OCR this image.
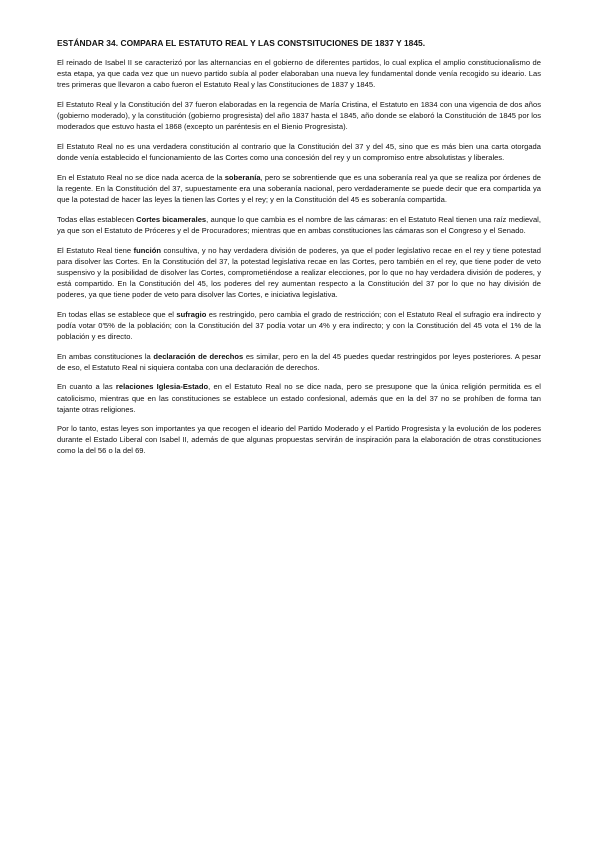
ESTÁNDAR 34. COMPARA EL ESTATUTO REAL Y LAS CONSTSITUCIONES DE 1837 Y 1845.

El reinado de Isabel II se caracterizó por las alternancias en el gobierno de diferentes partidos, lo cual explica el amplio constitucionalismo de esta etapa, ya que cada vez que un nuevo partido subía al poder elaboraban una nueva ley fundamental donde venía recogido su ideario. Las tres primeras que llevaron a cabo fueron el Estatuto Real y las Constituciones de 1837 y 1845.

El Estatuto Real y la Constitución del 37 fueron elaboradas en la regencia de María Cristina, el Estatuto en 1834 con una vigencia de dos años (gobierno moderado), y la constitución (gobierno progresista) del año 1837 hasta el 1845, año donde se elaboró la Constitución de 1845 por los moderados que estuvo hasta el 1868 (excepto un paréntesis en el Bienio Progresista).

El Estatuto Real no es una verdadera constitución al contrario que la Constitución del 37 y del 45, sino que es más bien una carta otorgada donde venía establecido el funcionamiento de las Cortes como una concesión del rey y un compromiso entre absolutistas y liberales.

En el Estatuto Real no se dice nada acerca de la soberanía, pero se sobrentiende que es una soberanía real ya que se realiza por órdenes de la regente. En la Constitución del 37, supuestamente era una soberanía nacional, pero verdaderamente se puede decir que era compartida ya que la potestad de hacer las leyes la tienen las Cortes y el rey; y en la Constitución del 45 es soberanía compartida.

Todas ellas establecen Cortes bicamerales, aunque lo que cambia es el nombre de las cámaras: en el Estatuto Real tienen una raíz medieval, ya que son el Estatuto de Próceres y el de Procuradores; mientras que en ambas constituciones las cámaras son el Congreso y el Senado.

El Estatuto Real tiene función consultiva, y no hay verdadera división de poderes, ya que el poder legislativo recae en el rey y tiene potestad para disolver las Cortes. En la Constitución del 37, la potestad legislativa recae en las Cortes, pero también en el rey, que tiene poder de veto suspensivo y la posibilidad de disolver las Cortes, comprometiéndose a realizar elecciones, por lo que no hay verdadera división de poderes, y está compartido. En la Constitución del 45, los poderes del rey aumentan respecto a la Constitución del 37 por lo que no hay división de poderes, ya que tiene poder de veto para disolver las Cortes, e iniciativa legislativa.

En todas ellas se establece que el sufragio es restringido, pero cambia el grado de restricción; con el Estatuto Real el sufragio era indirecto y podía votar 0'5% de la población; con la Constitución del 37 podía votar un 4% y era indirecto; y con la Constitución del 45 vota el 1% de la población y es directo.

En ambas constituciones la declaración de derechos es similar, pero en la del 45 puedes quedar restringidos por leyes posteriores. A pesar de eso, el Estatuto Real ni siquiera contaba con una declaración de derechos.

En cuanto a las relaciones Iglesia-Estado, en el Estatuto Real no se dice nada, pero se presupone que la única religión permitida es el catolicismo, mientras que en las constituciones se establece un estado confesional, además que en la del 37 no se prohíben de forma tan tajante otras religiones.

Por lo tanto, estas leyes son importantes ya que recogen el ideario del Partido Moderado y el Partido Progresista y la evolución de los poderes durante el Estado Liberal con Isabel II, además de que algunas propuestas servirán de inspiración para la elaboración de otras constituciones como la del 56 o la del 69.
